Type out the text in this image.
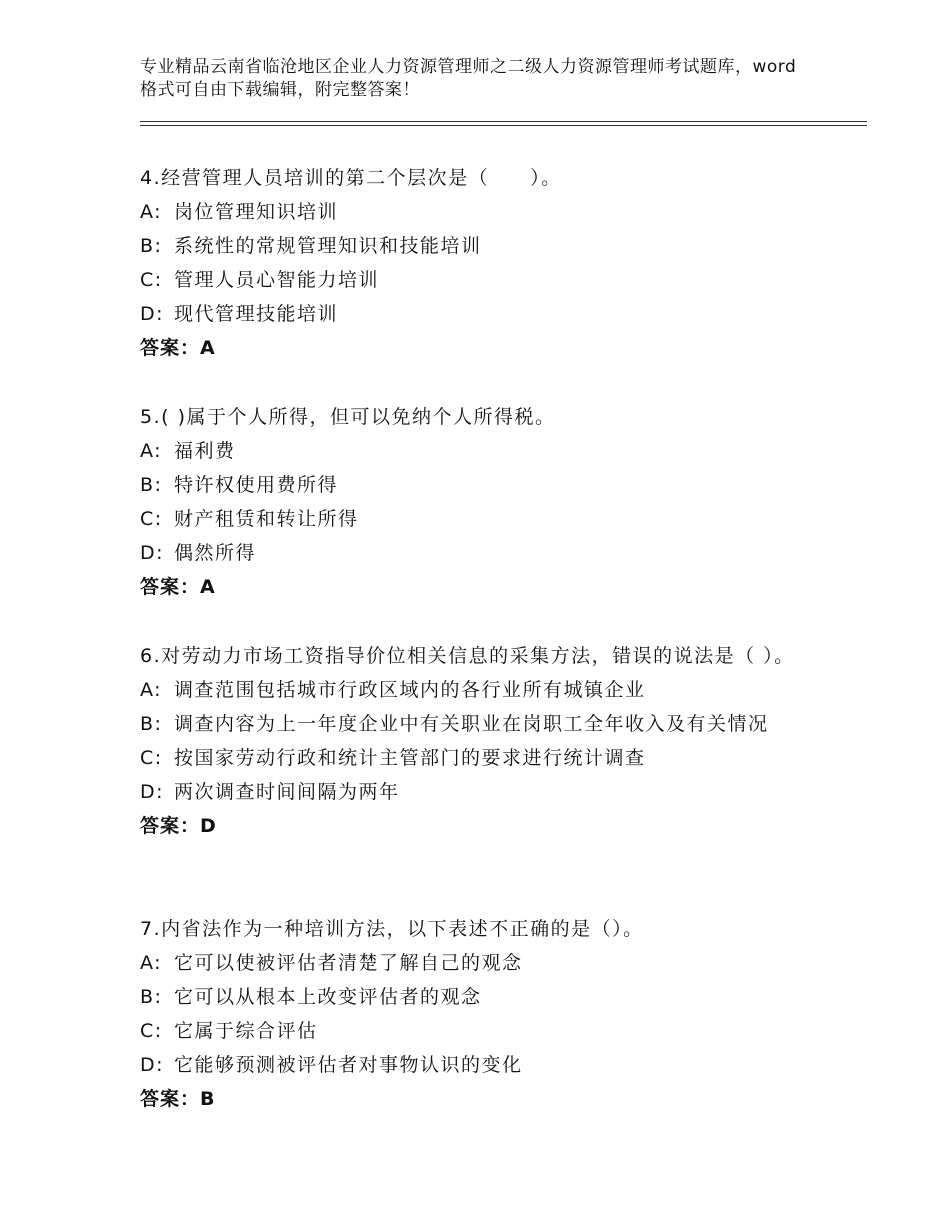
专业精品云南省临沧地区企业人力资源管理师之二级人力资源管理师考试题库，word格式可自由下载编辑，附完整答案！

4.经营管理人员培训的第二个层次是（　　）。

A: 岗位管理知识培训

B: 系统性的常规管理知识和技能培训

C: 管理人员心智能力培训

D: 现代管理技能培训

答案：A

5.( )属于个人所得，但可以免纳个人所得税。

A: 福利费

B: 特许权使用费所得

C: 财产租赁和转让所得

D: 偶然所得

答案：A

6.对劳动力市场工资指导价位相关信息的采集方法，错误的说法是（ ）。

A: 调查范围包括城市行政区域内的各行业所有城镇企业

B: 调查内容为上一年度企业中有关职业在岗职工全年收入及有关情况

C: 按国家劳动行政和统计主管部门的要求进行统计调查

D: 两次调查时间间隔为两年

答案：D

7.内省法作为一种培训方法，以下表述不正确的是（）。

A: 它可以使被评估者清楚了解自己的观念

B: 它可以从根本上改变评估者的观念

C: 它属于综合评估

D: 它能够预测被评估者对事物认识的变化

答案：B
